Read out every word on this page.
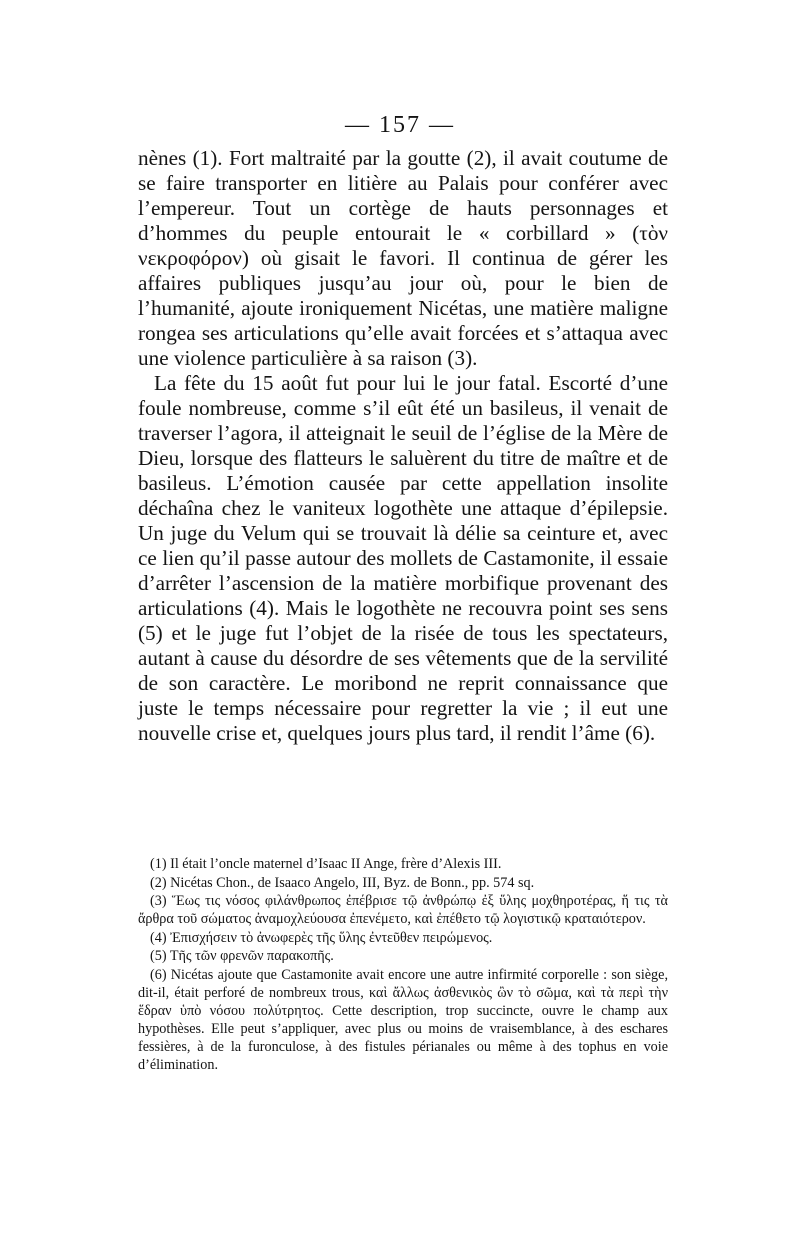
— 157 —

nènes (1). Fort maltraité par la goutte (2), il avait coutume de se faire transporter en litière au Palais pour conférer avec l’empereur. Tout un cortège de hauts personnages et d’hommes du peuple entourait le « corbillard » (τὸν νεκροφόρον) où gisait le favori. Il continua de gérer les affaires publiques jusqu’au jour où, pour le bien de l’humanité, ajoute ironiquement Nicétas, une matière maligne rongea ses articulations qu’elle avait forcées et s’attaqua avec une violence particulière à sa raison (3).

La fête du 15 août fut pour lui le jour fatal. Escorté d’une foule nombreuse, comme s’il eût été un basileus, il venait de traverser l’agora, il atteignait le seuil de l’église de la Mère de Dieu, lorsque des flatteurs le saluèrent du titre de maître et de basileus. L’émotion causée par cette appellation insolite déchaîna chez le vaniteux logothète une attaque d’épilepsie. Un juge du Velum qui se trouvait là délie sa ceinture et, avec ce lien qu’il passe autour des mollets de Castamonite, il essaie d’arrêter l’ascension de la matière morbifique provenant des articulations (4). Mais le logothète ne recouvra point ses sens (5) et le juge fut l’objet de la risée de tous les spectateurs, autant à cause du désordre de ses vêtements que de la servilité de son caractère. Le moribond ne reprit connaissance que juste le temps nécessaire pour regretter la vie ; il eut une nouvelle crise et, quelques jours plus tard, il rendit l’âme (6).

(1) Il était l’oncle maternel d’Isaac II Ange, frère d’Alexis III.

(2) Nicétas Chon., de Isaaco Angelo, III, Byz. de Bonn., pp. 574 sq.

(3) Ἕως τις νόσος φιλάνθρωπος ἐπέβρισε τῷ ἀνθρώπῳ ἐξ ὕλης μοχθηροτέρας, ἥ τις τὰ ἄρθρα τοῦ σώματος ἀναμοχλεύουσα ἐπενέμετο, καὶ ἐπέθετο τῷ λογιστικῷ κραταιότερον.

(4) Ἐπισχήσειν τὸ ἀνωφερὲς τῆς ὕλης ἐντεῦθεν πειρώμενος.

(5) Τῆς τῶν φρενῶν παρακοπῆς.

(6) Nicétas ajoute que Castamonite avait encore une autre infirmité corporelle : son siège, dit-il, était perforé de nombreux trous, καὶ ἄλλως ἀσθενικὸς ὢν τὸ σῶμα, καὶ τὰ περὶ τὴν ἕδραν ὑπὸ νόσου πολύτρητος. Cette description, trop succincte, ouvre le champ aux hypothèses. Elle peut s’appliquer, avec plus ou moins de vraisemblance, à des eschares fessières, à de la furonculose, à des fistules périanales ou même à des tophus en voie d’élimination.
